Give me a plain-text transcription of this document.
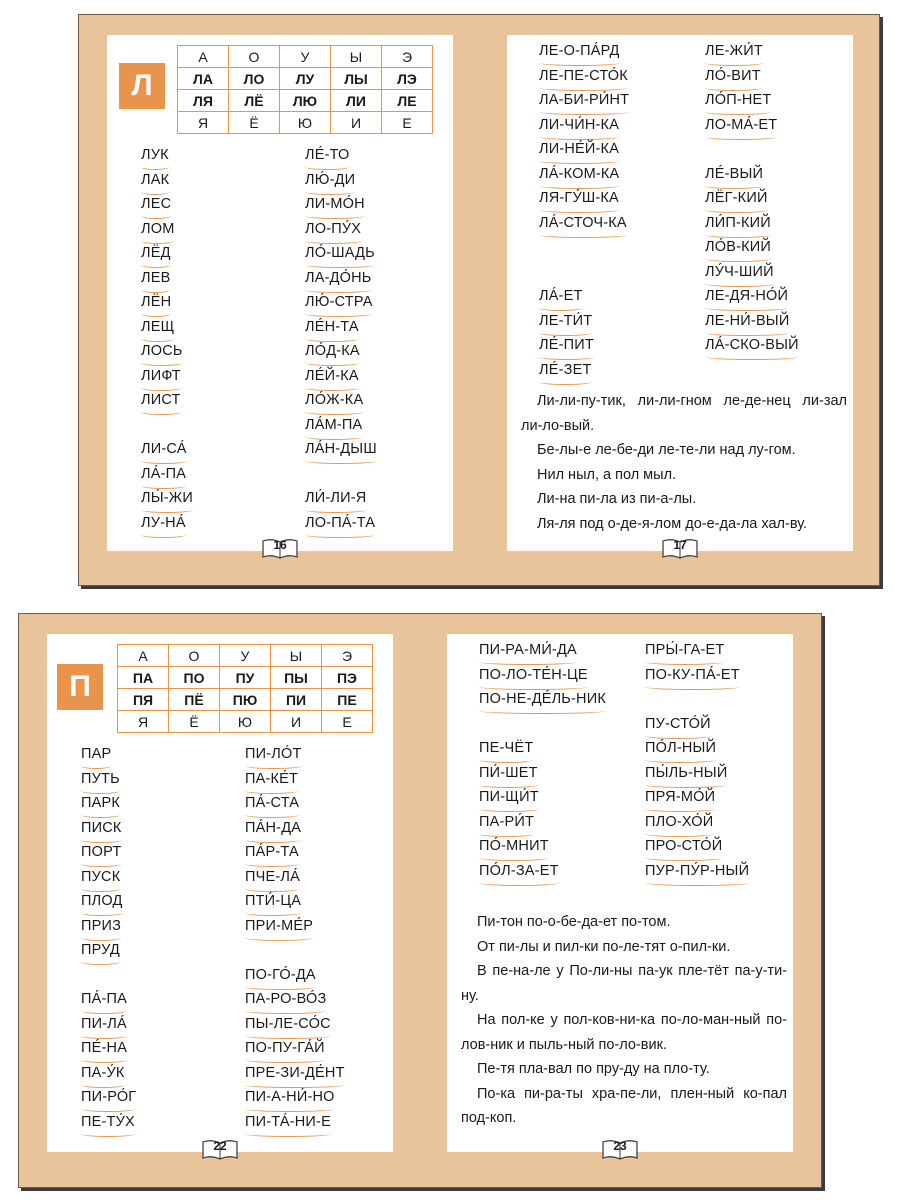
Л
А	О	У	Ы	Э
ЛА	ЛО	ЛУ	ЛЫ	ЛЭ
ЛЯ	ЛЁ	ЛЮ	ЛИ	ЛЕ
Я	Ё	Ю	И	Е
ЛУК
ЛАК
ЛЕС
ЛОМ
ЛЁД
ЛЕВ
ЛЁН
ЛЕЩ
ЛОСЬ
ЛИФТ
ЛИСТ
ЛИ-СА́
ЛА́-ПА
ЛЫ́-ЖИ
ЛУ-НА́
ЛЕ́-ТО
ЛЮ́-ДИ
ЛИ-МО́Н
ЛО-ПУ́Х
ЛО́-ШАДЬ
ЛА-ДО́НЬ
ЛЮ́-СТРА
ЛЕ́Н-ТА
ЛО́Д-КА
ЛЕ́Й-КА
ЛО́Ж-КА
ЛА́М-ПА
ЛА́Н-ДЫШ
ЛИ́-ЛИ-Я
ЛО-ПА́-ТА
16
ЛЕ-О-ПА́РД
ЛЕ-ПЕ-СТО́К
ЛА-БИ-РИ́НТ
ЛИ-ЧИ́Н-КА
ЛИ-НЕ́Й-КА
ЛА́-КОМ-КА
ЛЯ-ГУ́Ш-КА
ЛА́-СТОЧ-КА
ЛА́-ЕТ
ЛЕ-ТИ́Т
ЛЕ́-ПИТ
ЛЕ́-ЗЕТ
ЛЕ-ЖИ́Т
ЛО́-ВИТ
ЛО́П-НЕТ
ЛО-МА́-ЕТ
ЛЕ́-ВЫЙ
ЛЁГ-КИЙ
ЛИ́П-КИЙ
ЛО́В-КИЙ
ЛУ́Ч-ШИЙ
ЛЕ-ДЯ-НО́Й
ЛЕ-НИ́-ВЫЙ
ЛА́-СКО-ВЫЙ

Ли-ли-пу-тик, ли-ли-гном ле-де-нец ли-зал ли-ло-вый.

Бе-лы-е ле-бе-ди ле-те-ли над лу-гом.

Нил ныл, а пол мыл.

Ли-на пи-ла из пи-а-лы.

Ля-ля под о-де-я-лом до-е-да-ла хал-ву.

17
П
А	О	У	Ы	Э
ПА	ПО	ПУ	ПЫ	ПЭ
ПЯ	ПЁ	ПЮ	ПИ	ПЕ
Я	Ё	Ю	И	Е
ПАР
ПУТЬ
ПАРК
ПИСК
ПОРТ
ПУСК
ПЛОД
ПРИЗ
ПРУД
ПА́-ПА
ПИ-ЛА́
ПЕ́-НА
ПА-У́К
ПИ-РО́Г
ПЕ-ТУ́Х
ПИ-ЛО́Т
ПА-КЕ́Т
ПА́-СТА
ПА́Н-ДА
ПА́Р-ТА
ПЧЕ-ЛА́
ПТИ́-ЦА
ПРИ-МЕ́Р
ПО-ГО́-ДА
ПА-РО-ВО́З
ПЫ-ЛЕ-СО́С
ПО-ПУ-ГА́Й
ПРЕ-ЗИ-ДЕ́НТ
ПИ-А-НИ́-НО
ПИ-ТА́-НИ-Е
22
ПИ-РА-МИ́-ДА
ПО-ЛО-ТЕ́Н-ЦЕ
ПО-НЕ-ДЕ́ЛЬ-НИК
ПЕ-ЧЁТ
ПИ́-ШЕТ
ПИ-ЩИ́Т
ПА-РИ́Т
ПО́-МНИТ
ПО́Л-ЗА-ЕТ
ПРЫ́-ГА-ЕТ
ПО-КУ-ПА́-ЕТ
ПУ-СТО́Й
ПО́Л-НЫЙ
ПЫ́ЛЬ-НЫЙ
ПРЯ-МО́Й
ПЛО-ХО́Й
ПРО-СТО́Й
ПУР-ПУ́Р-НЫЙ

Пи-тон по-о-бе-да-ет по-том.

От пи-лы и пил-ки по-ле-тят о-пил-ки.

В пе-на-ле у По-ли-ны па-ук пле-тёт па-у-ти-ну.

На пол-ке у пол-ков-ни-ка по-ло-ман-ный по-лов-ник и пыль-ный по-ло-вик.

Пе-тя пла-вал по пру-ду на пло-ту.

По-ка пи-ра-ты хра-пе-ли, плен-ный ко-пал под-коп.

23
